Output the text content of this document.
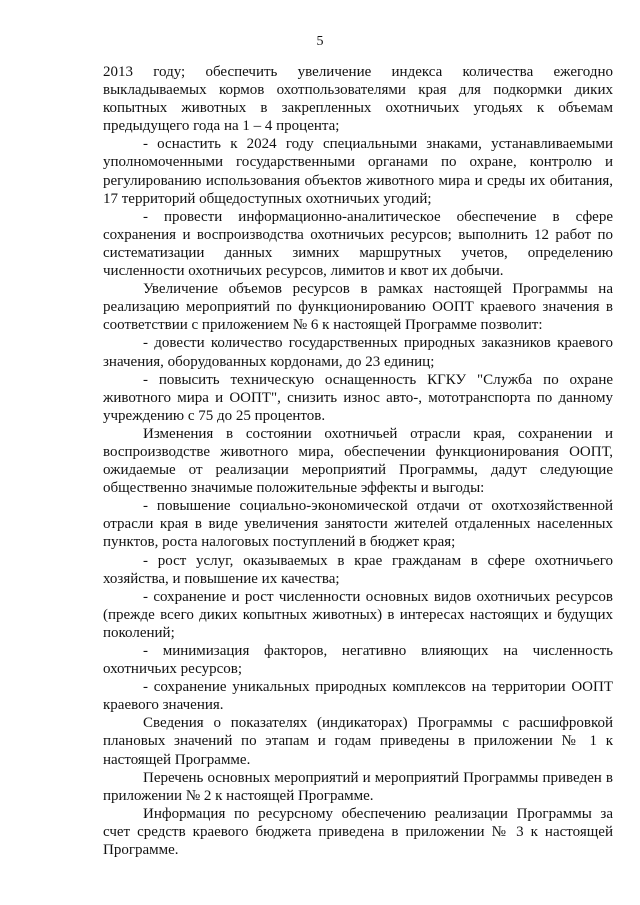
5

2013 году; обеспечить увеличение индекса количества ежегодно выкладываемых кормов охотпользователями края для подкормки диких копытных животных в закрепленных охотничьих угодьях к объемам предыдущего года на 1 – 4 процента;

- оснастить к 2024 году специальными знаками, устанавливаемыми уполномоченными государственными органами по охране, контролю и регулированию использования объектов животного мира и среды их обитания, 17 территорий общедоступных охотничьих угодий;

- провести информационно-аналитическое обеспечение в сфере сохранения и воспроизводства охотничьих ресурсов; выполнить 12 работ по систематизации данных зимних маршрутных учетов, определению численности охотничьих ресурсов, лимитов и квот их добычи.

Увеличение объемов ресурсов в рамках настоящей Программы на реализацию мероприятий по функционированию ООПТ краевого значения в соответствии с приложением № 6 к настоящей Программе позволит:

- довести количество государственных природных заказников краевого значения, оборудованных кордонами, до 23 единиц;

- повысить техническую оснащенность КГКУ "Служба по охране животного мира и ООПТ", снизить износ авто-, мототранспорта по данному учреждению с 75 до 25 процентов.

Изменения в состоянии охотничьей отрасли края, сохранении и воспроизводстве животного мира, обеспечении функционирования ООПТ, ожидаемые от реализации мероприятий Программы, дадут следующие общественно значимые положительные эффекты и выгоды:

- повышение социально-экономической отдачи от охотхозяйственной отрасли края в виде увеличения занятости жителей отдаленных населенных пунктов, роста налоговых поступлений в бюджет края;

- рост услуг, оказываемых в крае гражданам в сфере охотничьего хозяйства, и повышение их качества;

- сохранение и рост численности основных видов охотничьих ресурсов (прежде всего диких копытных животных) в интересах настоящих и будущих поколений;

- минимизация факторов, негативно влияющих на численность охотничьих ресурсов;

- сохранение уникальных природных комплексов на территории ООПТ краевого значения.

Сведения о показателях (индикаторах) Программы с расшифровкой плановых значений по этапам и годам приведены в приложении № 1 к настоящей Программе.

Перечень основных мероприятий и мероприятий Программы приведен в приложении № 2 к настоящей Программе.

Информация по ресурсному обеспечению реализации Программы за счет средств краевого бюджета приведена в приложении № 3 к настоящей Программе.
